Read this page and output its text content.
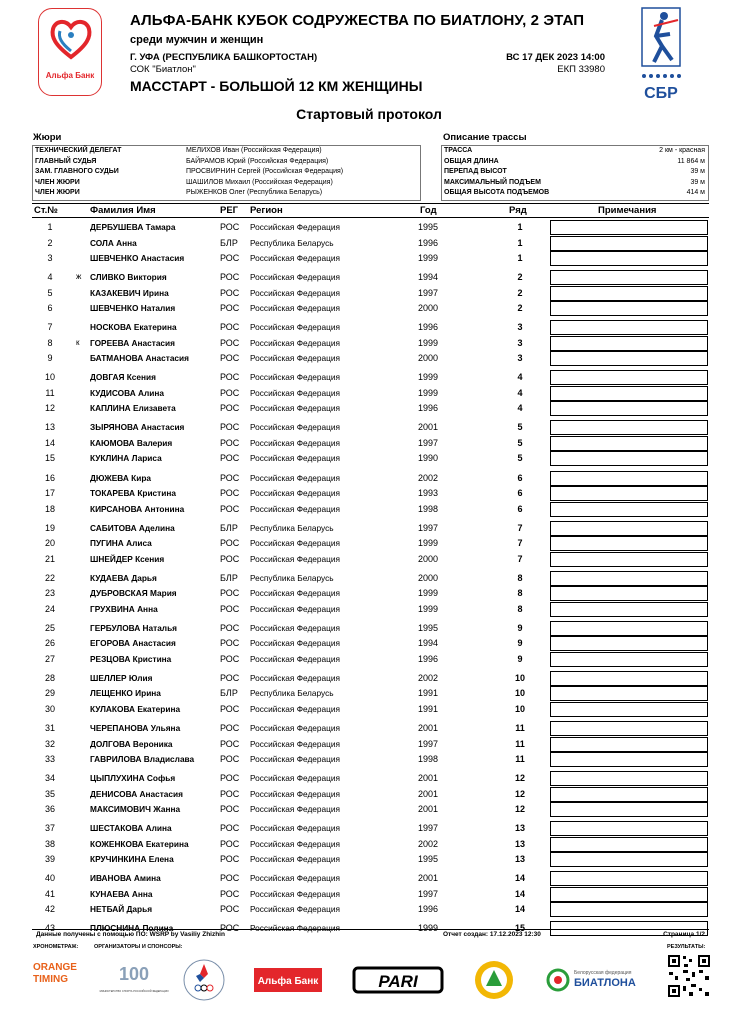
Альфа Банк
СБР
АЛЬФА-БАНК КУБОК СОДРУЖЕСТВА ПО БИАТЛОНУ, 2 ЭТАП
среди мужчин и женщин
Г. УФА (РЕСПУБЛИКА БАШКОРТОСТАН)
СОК "Биатлон"
ВС 17 ДЕК 2023 14:00
ЕКП 33980
МАССТАРТ - БОЛЬШОЙ 12 КМ ЖЕНЩИНЫ
Стартовый протокол
Жюри	Описание трассы
ТЕХНИЧЕСКИЙ ДЕЛЕГАТ	МЕЛИХОВ Иван (Российская Федерация)
ГЛАВНЫЙ СУДЬЯ	БАЙРАМОВ Юрий (Российская Федерация)
ЗАМ. ГЛАВНОГО СУДЬИ	ПРОСВИРНИН Сергей (Российская Федерация)
ЧЛЕН ЖЮРИ	ШАШИЛОВ Михаил (Российская Федерация)
ЧЛЕН ЖЮРИ	РЫЖЕНКОВ Олег (Республика Беларусь)
ТРАССА	2 км - красная
ОБЩАЯ ДЛИНА	11 864 м
ПЕРЕПАД ВЫСОТ	39 м
МАКСИМАЛЬНЫЙ ПОДЪЕМ	39 м
ОБЩАЯ ВЫСОТА ПОДЪЕМОВ	414 м
Ст.№	Фамилия Имя	РЕГ Регион	Год	Ряд	Примечания
1	ДЕРБУШЕВА Тамара	РОС Российская Федерация	1995	1
2	СОЛА Анна	БЛР Республика Беларусь	1996	1
3	ШЕВЧЕНКО Анастасия	РОС Российская Федерация	1999	1
4	ж СЛИВКО Виктория	РОС Российская Федерация	1994	2
5	КАЗАКЕВИЧ Ирина	РОС Российская Федерация	1997	2
6	ШЕВЧЕНКО Наталия	РОС Российская Федерация	2000	2
7	НОСКОВА Екатерина	РОС Российская Федерация	1996	3
8	к ГОРЕЕВА Анастасия	РОС Российская Федерация	1999	3
9	БАТМАНОВА Анастасия	РОС Российская Федерация	2000	3
10	ДОВГАЯ Ксения	РОС Российская Федерация	1999	4
11	КУДИСОВА Алина	РОС Российская Федерация	1999	4
12	КАПЛИНА Елизавета	РОС Российская Федерация	1996	4
13	ЗЫРЯНОВА Анастасия	РОС Российская Федерация	2001	5
14	КАЮМОВА Валерия	РОС Российская Федерация	1997	5
15	КУКЛИНА Лариса	РОС Российская Федерация	1990	5
16	ДЮЖЕВА Кира	РОС Российская Федерация	2002	6
17	ТОКАРЕВА Кристина	РОС Российская Федерация	1993	6
18	КИРСАНОВА Антонина	РОС Российская Федерация	1998	6
19	САБИТОВА Аделина	БЛР Республика Беларусь	1997	7
20	ПУГИНА Алиса	РОС Российская Федерация	1999	7
21	ШНЕЙДЕР Ксения	РОС Российская Федерация	2000	7
22	КУДАЕВА Дарья	БЛР Республика Беларусь	2000	8
23	ДУБРОВСКАЯ Мария	РОС Российская Федерация	1999	8
24	ГРУХВИНА Анна	РОС Российская Федерация	1999	8
25	ГЕРБУЛОВА Наталья	РОС Российская Федерация	1995	9
26	ЕГОРОВА Анастасия	РОС Российская Федерация	1994	9
27	РЕЗЦОВА Кристина	РОС Российская Федерация	1996	9
28	ШЕЛЛЕР Юлия	РОС Российская Федерация	2002	10
29	ЛЕЩЕНКО Ирина	БЛР Республика Беларусь	1991	10
30	КУЛАКОВА Екатерина	РОС Российская Федерация	1991	10
31	ЧЕРЕПАНОВА Ульяна	РОС Российская Федерация	2001	11
32	ДОЛГОВА Вероника	РОС Российская Федерация	1997	11
33	ГАВРИЛОВА Владислава	РОС Российская Федерация	1998	11
34	ЦЫПЛУХИНА Софья	РОС Российская Федерация	2001	12
35	ДЕНИСОВА Анастасия	РОС Российская Федерация	2001	12
36	МАКСИМОВИЧ Жанна	РОС Российская Федерация	2001	12
37	ШЕСТАКОВА Алина	РОС Российская Федерация	1997	13
38	КОЖЕНКОВА Екатерина	РОС Российская Федерация	2002	13
39	КРУЧИНКИНА Елена	РОС Российская Федерация	1995	13
40	ИВАНОВА Амина	РОС Российская Федерация	2001	14
41	КУНАЕВА Анна	РОС Российская Федерация	1997	14
42	НЕТБАЙ Дарья	РОС Российская Федерация	1996	14
43	ПЛЮСНИНА Полина	РОС Российская Федерация	1999	15
Данные получены с помощью ПО: WSRP by Vasiliy Zhizhin	Отчет создан: 17.12.2023 12:30	Страница 1/2
ХРОНОМЕТРАЖ:	ОРГАНИЗАТОРЫ И СПОНСОРЫ:	РЕЗУЛЬТАТЫ:
ORANGE TIMING	100
МИНИСТЕРСТВО СПОРТА РОССИЙСКОЙ ФЕДЕРАЦИИ
Альфа Банк	PARI	Белорусская федерация
БИАТЛОНА
